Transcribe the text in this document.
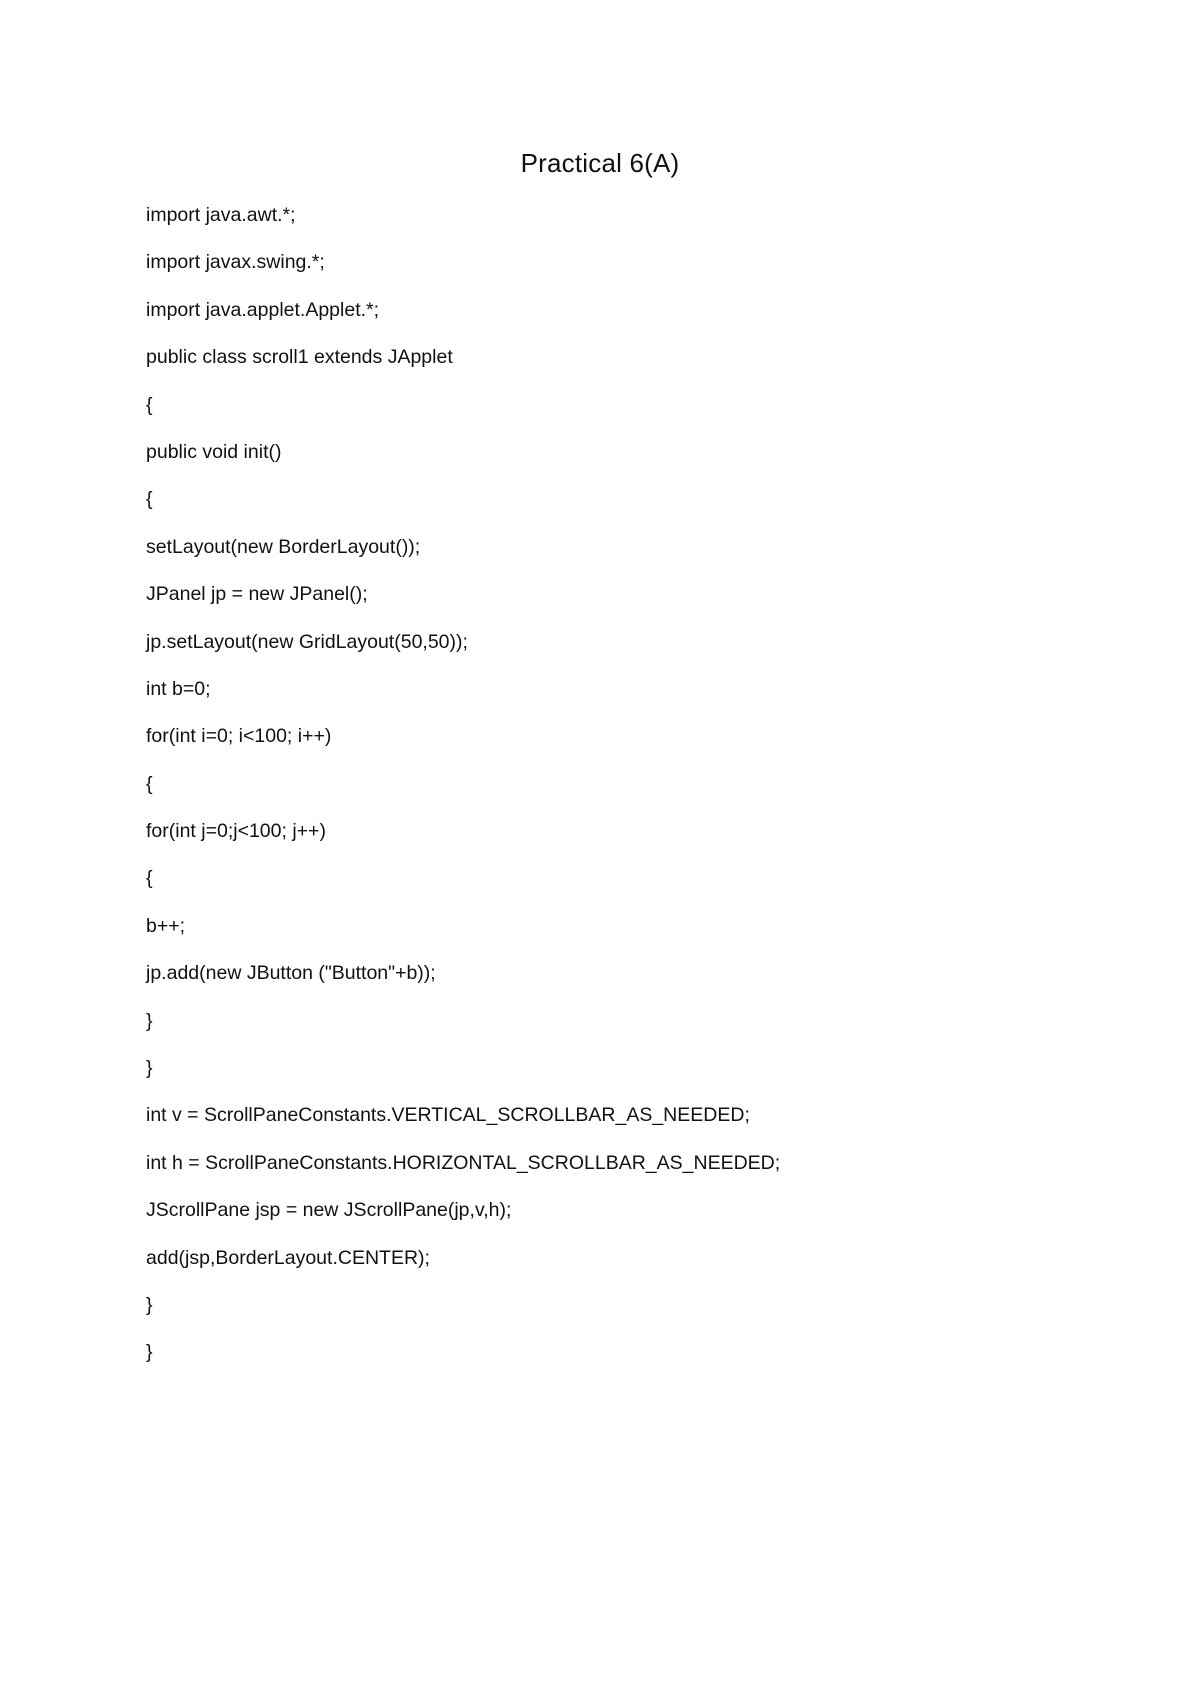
Practical 6(A)
import java.awt.*;
import javax.swing.*;
import java.applet.Applet.*;
public class scroll1 extends JApplet
{
public void init()
{
setLayout(new BorderLayout());
JPanel jp = new JPanel();
jp.setLayout(new GridLayout(50,50));
int b=0;
for(int i=0; i<100; i++)
{
for(int j=0;j<100; j++)
{
b++;
jp.add(new JButton ("Button"+b));
}
}
int v = ScrollPaneConstants.VERTICAL_SCROLLBAR_AS_NEEDED;
int h = ScrollPaneConstants.HORIZONTAL_SCROLLBAR_AS_NEEDED;
JScrollPane jsp = new JScrollPane(jp,v,h);
add(jsp,BorderLayout.CENTER);
}
}
